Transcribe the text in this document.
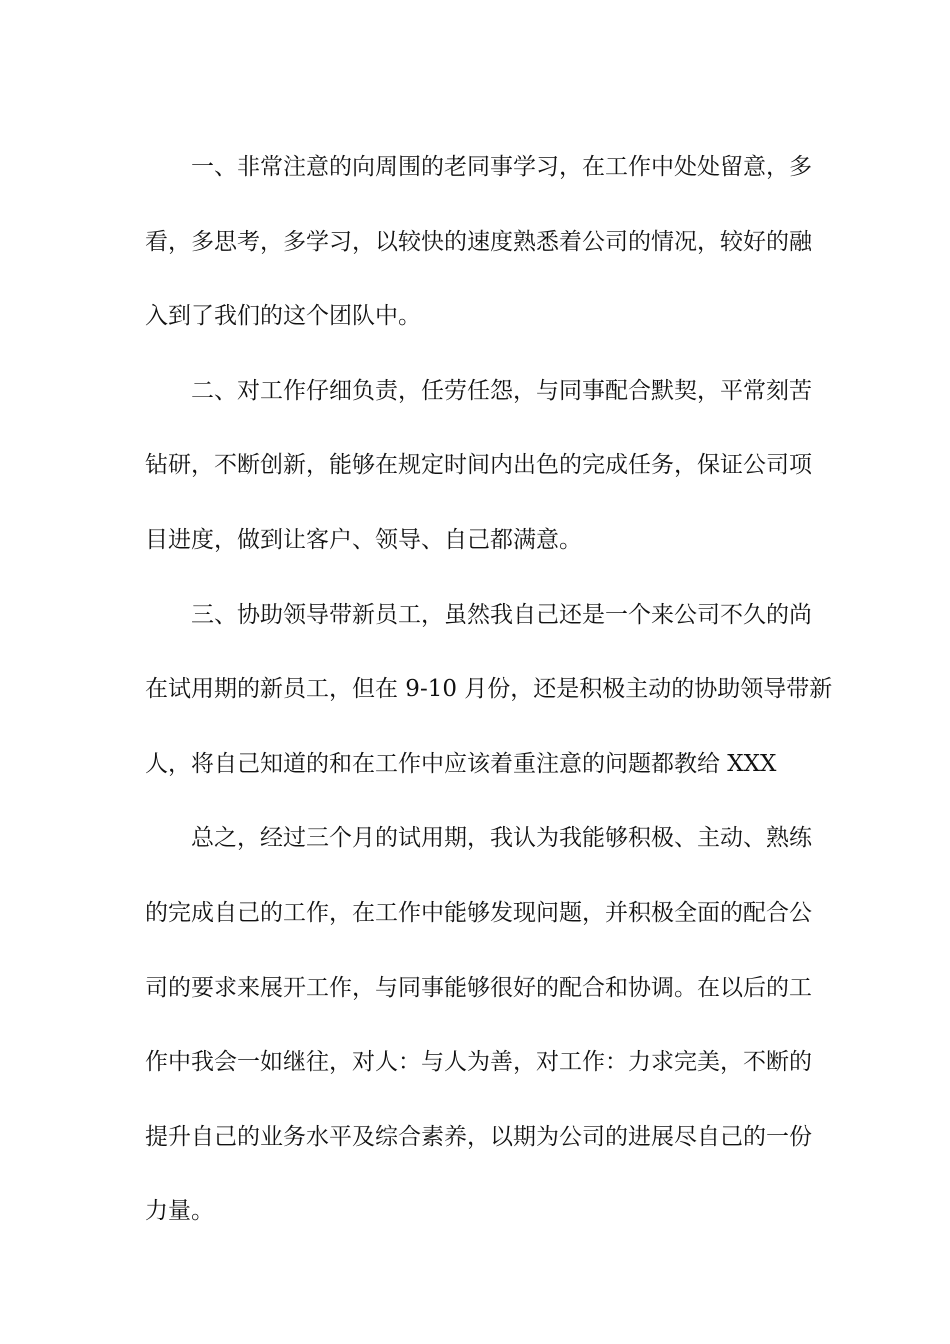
一、非常注意的向周围的老同事学习，在工作中处处留意，多
看，多思考，多学习，以较快的速度熟悉着公司的情况，较好的融
入到了我们的这个团队中。
二、对工作仔细负责，任劳任怨，与同事配合默契，平常刻苦
钻研，不断创新，能够在规定时间内出色的完成任务，保证公司项
目进度，做到让客户、领导、自己都满意。
三、协助领导带新员工，虽然我自己还是一个来公司不久的尚
在试用期的新员工，但在 9-10 月份，还是积极主动的协助领导带新
人，将自己知道的和在工作中应该着重注意的问题都教给 XXX
总之，经过三个月的试用期，我认为我能够积极、主动、熟练
的完成自己的工作，在工作中能够发现问题，并积极全面的配合公
司的要求来展开工作，与同事能够很好的配合和协调。在以后的工
作中我会一如继往，对人：与人为善，对工作：力求完美，不断的
提升自己的业务水平及综合素养，以期为公司的进展尽自己的一份
力量。
